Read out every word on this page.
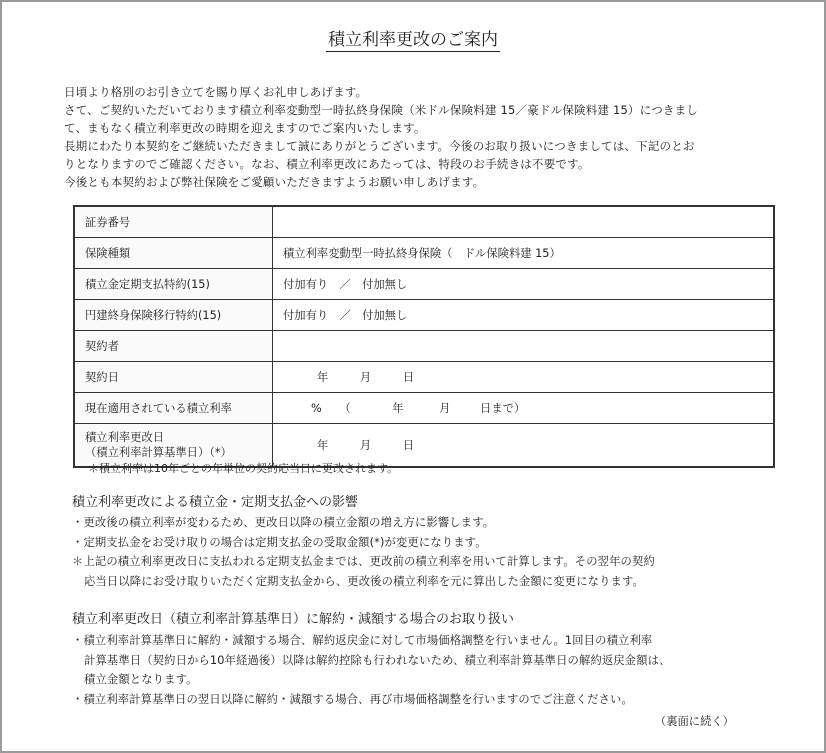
積立利率更改のご案内
日頃より格別のお引き立てを賜り厚くお礼申しあげます。
さて、ご契約いただいております積立利率変動型一時払終身保険（米ドル保険料建 15／豪ドル保険料建 15）につきまし
て、まもなく積立利率更改の時期を迎えますのでご案内いたします。
長期にわたり本契約をご継続いただきまして誠にありがとうございます。今後のお取り扱いにつきましては、下記のとお
りとなりますのでご確認ください。なお、積立利率更改にあたっては、特段のお手続きは不要です。
今後とも本契約および弊社保険をご愛顧いただきますようお願い申しあげます。
証券番号	
保険種類	積立利率変動型一時払終身保険（　ドル保険料建 15）
積立金定期支払特約(15)	付加有り　／　付加無し
円建終身保険移行特約(15)	付加有り　／　付加無し
契約者	
契約日	年 月 日
現在適用されている積立利率	% （ 年 月 日まで）

積立利率更改日
（積立利率計算基準日）（*）	年 月 日
＊積立利率は10年ごとの年単位の契約応当日に更改されます。
積立利率更改による積立金・定期支払金への影響
・更改後の積立利率が変わるため、更改日以降の積立金額の増え方に影響します。
・定期支払金をお受け取りの場合は定期支払金の受取金額(*)が変更になります。
＊上記の積立利率更改日に支払われる定期支払金までは、更改前の積立利率を用いて計算します。その翌年の契約
応当日以降にお受け取りいただく定期支払金から、更改後の積立利率を元に算出した金額に変更になります。
積立利率更改日（積立利率計算基準日）に解約・減額する場合のお取り扱い
・積立利率計算基準日に解約・減額する場合、解約返戻金に対して市場価格調整を行いません。1回目の積立利率
計算基準日（契約日から10年経過後）以降は解約控除も行われないため、積立利率計算基準日の解約返戻金額は、
積立金額となります。
・積立利率計算基準日の翌日以降に解約・減額する場合、再び市場価格調整を行いますのでご注意ください。
（裏面に続く）
